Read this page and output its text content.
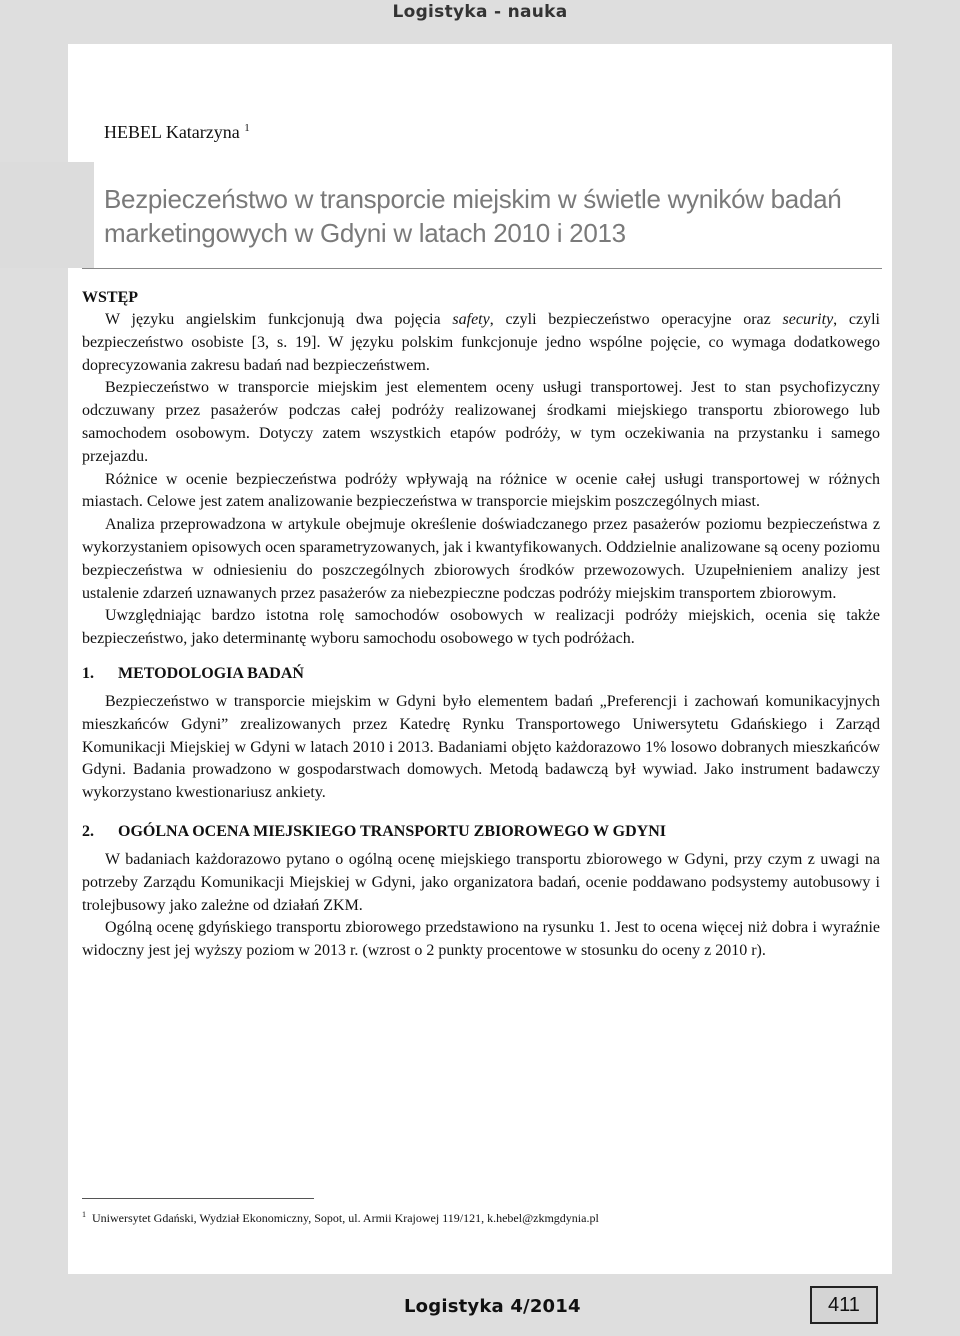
Logistyka - nauka
HEBEL Katarzyna $^1$
Bezpieczeństwo w transporcie miejskim w świetle wyników badań marketingowych w Gdyni w latach 2010 i 2013
WSTĘP

W języku angielskim funkcjonują dwa pojęcia safety, czyli bezpieczeństwo operacyjne oraz security, czyli bezpieczeństwo osobiste [3, s. 19]. W języku polskim funkcjonuje jedno wspólne pojęcie, co wymaga dodatkowego doprecyzowania zakresu badań nad bezpieczeństwem.

Bezpieczeństwo w transporcie miejskim jest elementem oceny usługi transportowej. Jest to stan psychofizyczny odczuwany przez pasażerów podczas całej podróży realizowanej środkami miejskiego transportu zbiorowego lub samochodem osobowym. Dotyczy zatem wszystkich etapów podróży, w tym oczekiwania na przystanku i samego przejazdu.

Różnice w ocenie bezpieczeństwa podróży wpływają na różnice w ocenie całej usługi transportowej w różnych miastach. Celowe jest zatem analizowanie bezpieczeństwa w transporcie miejskim poszczególnych miast.

Analiza przeprowadzona w artykule obejmuje określenie doświadczanego przez pasażerów poziomu bezpieczeństwa z wykorzystaniem opisowych ocen sparametryzowanych, jak i kwantyfikowanych. Oddzielnie analizowane są oceny poziomu bezpieczeństwa w odniesieniu do poszczególnych zbiorowych środków przewozowych. Uzupełnieniem analizy jest ustalenie zdarzeń uznawanych przez pasażerów za niebezpieczne podczas podróży miejskim transportem zbiorowym.

Uwzględniając bardzo istotna rolę samochodów osobowych w realizacji podróży miejskich, ocenia się także bezpieczeństwo, jako determinantę wyboru samochodu osobowego w tych podróżach.

1. METODOLOGIA BADAŃ

Bezpieczeństwo w transporcie miejskim w Gdyni było elementem badań „Preferencji i zachowań komunikacyjnych mieszkańców Gdyni” zrealizowanych przez Katedrę Rynku Transportowego Uniwersytetu Gdańskiego i Zarząd Komunikacji Miejskiej w Gdyni w latach 2010 i 2013. Badaniami objęto każdorazowo 1% losowo dobranych mieszkańców Gdyni. Badania prowadzono w gospodarstwach domowych. Metodą badawczą był wywiad. Jako instrument badawczy wykorzystano kwestionariusz ankiety.

2. OGÓLNA OCENA MIEJSKIEGO TRANSPORTU ZBIOROWEGO W GDYNI

W badaniach każdorazowo pytano o ogólną ocenę miejskiego transportu zbiorowego w Gdyni, przy czym z uwagi na potrzeby Zarządu Komunikacji Miejskiej w Gdyni, jako organizatora badań, ocenie poddawano podsystemy autobusowy i trolejbusowy jako zależne od działań ZKM.

Ogólną ocenę gdyńskiego transportu zbiorowego przedstawiono na rysunku 1. Jest to ocena więcej niż dobra i wyraźnie widoczny jest jej wyższy poziom w 2013 r. (wzrost o 2 punkty procentowe w stosunku do oceny z 2010 r).

$^1$ Uniwersytet Gdański, Wydział Ekonomiczny, Sopot, ul. Armii Krajowej 119/121, k.hebel@zkmgdynia.pl
Logistyka 4/2014	411
